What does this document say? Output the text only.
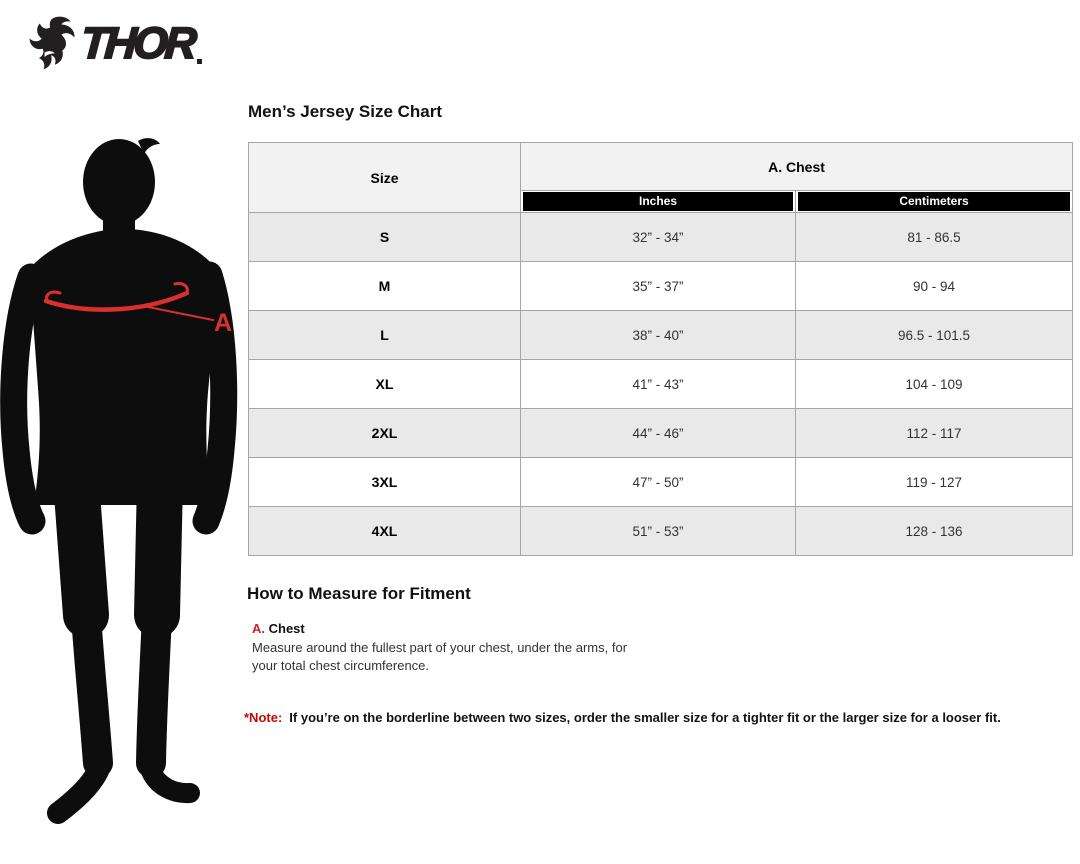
THOR
A
Men’s Jersey Size Chart
Size	A. Chest	

	Inches	Centimeters

S	32” - 34”	81 - 86.5
M	35” - 37”	90 - 94
L	38” - 40”	96.5 - 101.5
XL	41” - 43”	104 - 109
2XL	44” - 46”	112 - 117
3XL	47” - 50”	119 - 127
4XL	51” - 53”	128 - 136
How to Measure for Fitment
A. Chest

Measure around the fullest part of your chest, under the arms, for your total chest circumference.

*Note: If you’re on the borderline between two sizes, order the smaller size for a tighter fit or the larger size for a looser fit.
